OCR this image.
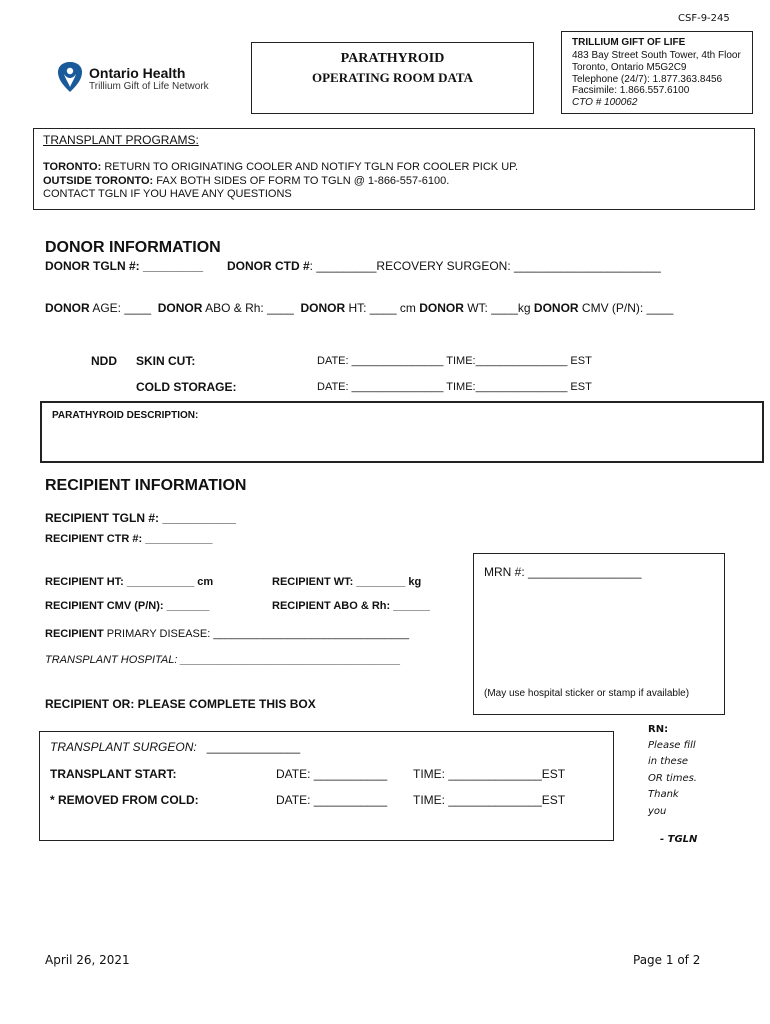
CSF-9-245
Ontario Health
Trillium Gift of Life Network
PARATHYROID
OPERATING ROOM DATA
TRILLIUM GIFT OF LIFE
483 Bay Street South Tower, 4th Floor
Toronto, Ontario M5G2C9
Telephone (24/7): 1.877.363.8456
Facsimile: 1.866.557.6100
CTO # 100062
TRANSPLANT PROGRAMS:
TORONTO: RETURN TO ORIGINATING COOLER AND NOTIFY TGLN FOR COOLER PICK UP.
OUTSIDE TORONTO: FAX BOTH SIDES OF FORM TO TGLN @ 1-866-557-6100.
CONTACT TGLN IF YOU HAVE ANY QUESTIONS
DONOR INFORMATION
DONOR TGLN #: _________ DONOR CTD #: _________RECOVERY SURGEON: ______________________
DONOR AGE: ____ DONOR ABO & Rh: ____ DONOR HT: ____ cm DONOR WT: ____kg DONOR CMV (P/N): ____
NDD SKIN CUT:	DATE: _______________ TIME:_______________ EST
COLD STORAGE:	DATE: _______________ TIME:_______________ EST
PARATHYROID DESCRIPTION:
RECIPIENT INFORMATION
RECIPIENT TGLN #: ___________
RECIPIENT CTR #: ___________
RECIPIENT HT: ___________ cm	RECIPIENT WT: ________ kg
RECIPIENT CMV (P/N): _______	RECIPIENT ABO & Rh: ______
RECIPIENT PRIMARY DISEASE: ________________________________
TRANSPLANT HOSPITAL: ____________________________________
RECIPIENT OR: PLEASE COMPLETE THIS BOX
MRN #: _________________
(May use hospital sticker or stamp if available)
TRANSPLANT SURGEON: ______________
TRANSPLANT START:	DATE: ___________ TIME: ______________EST
* REMOVED FROM COLD:	DATE: ___________ TIME: ______________EST
RN:
Please fill
in these
OR times.
Thank
you
- TGLN
April 26, 2021	Page 1 of 2
